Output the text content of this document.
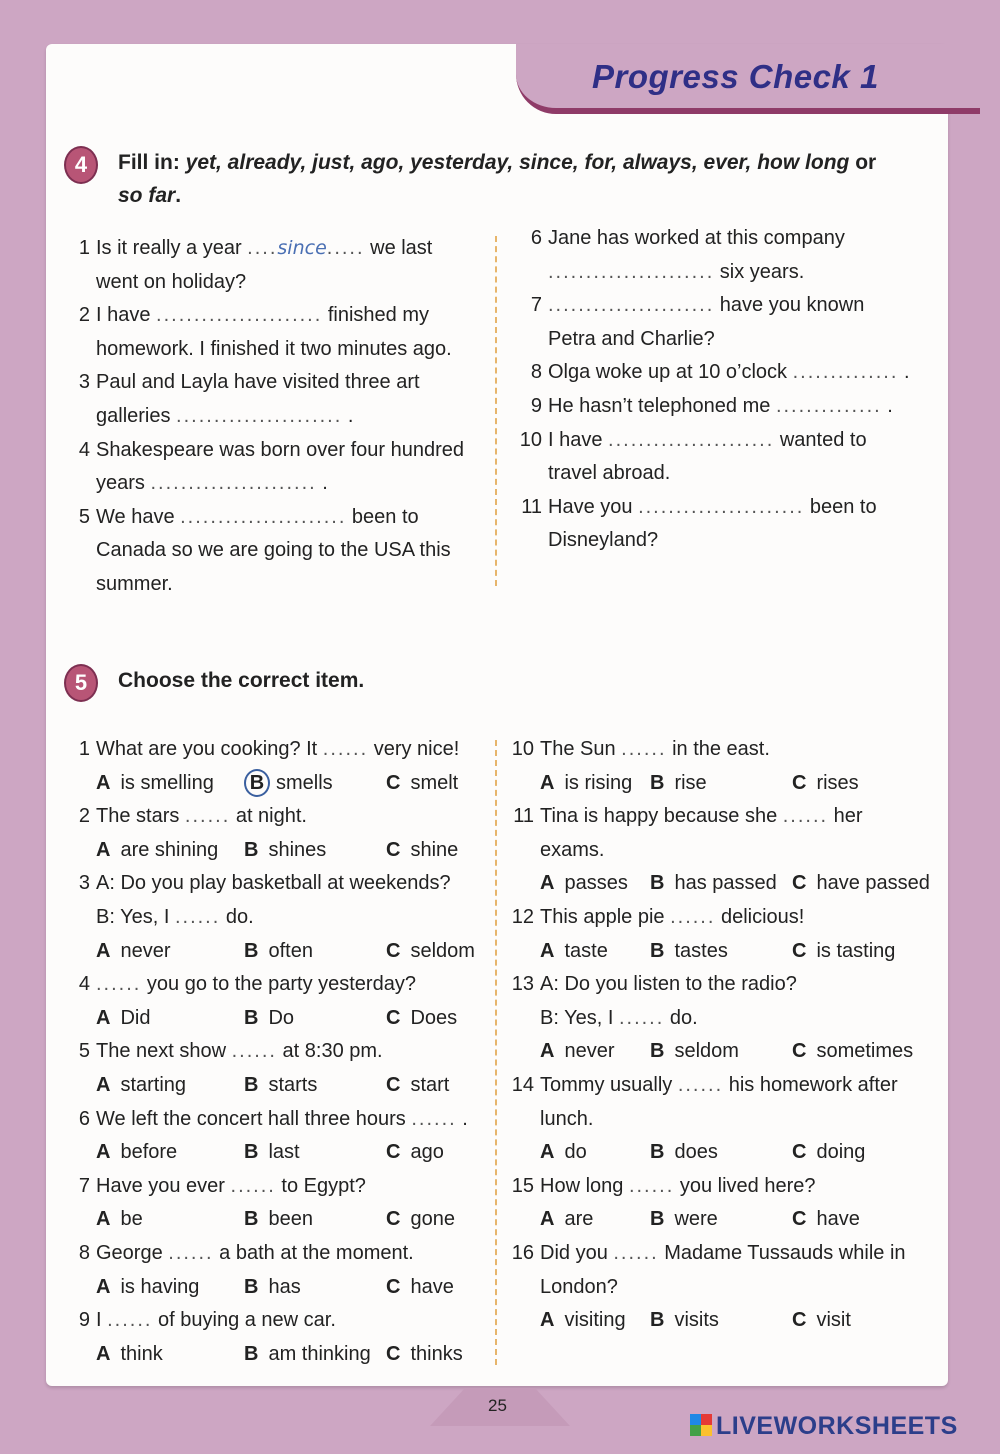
Progress Check 1
4	Fill in: yet, already, just, ago, yesterday, since, for, always, ever, how long or
so far.
1 Is it really a year ....since..... we last
went on holiday?
2 I have ...................... finished my
homework. I finished it two minutes ago.
3 Paul and Layla have visited three art
galleries ...................... .
4 Shakespeare was born over four hundred
years ...................... .
5 We have ...................... been to
Canada so we are going to the USA this
summer.
6 Jane has worked at this company
...................... six years.
7 ...................... have you known
Petra and Charlie?
8 Olga woke up at 10 o’clock .............. .
9 He hasn’t telephoned me .............. .
10 I have ...................... wanted to
travel abroad.
11 Have you ...................... been to
Disneyland?
5	Choose the correct item.
1 What are you cooking? It ...... very nice!
A is smelling B smells	C smelt
2 The stars ...... at night.
A are shining B shines	C shine
3 A: Do you play basketball at weekends?
B: Yes, I ...... do.
A never	B often	C seldom
4 ...... you go to the party yesterday?
A Did	B Do	C Does
5 The next show ...... at 8:30 pm.
A starting	B starts	C start
6 We left the concert hall three hours ...... .
A before	B last	C ago
7 Have you ever ...... to Egypt?
A be	B been	C gone
8 George ...... a bath at the moment.
A is having B has	C have
9 I ...... of buying a new car.
A think	B am thinking C thinks
10 The Sun ...... in the east.
A is rising B rise	C rises
11 Tina is happy because she ...... her
exams.
A passes B has passed C have passed
12 This apple pie ...... delicious!
A taste B tastes	C is tasting
13 A: Do you listen to the radio?
B: Yes, I ...... do.
A never B seldom	C sometimes
14 Tommy usually ...... his homework after
lunch.
A do	B does	C doing
15 How long ...... you lived here?
A are	B were	C have
16 Did you ...... Madame Tussauds while in
London?
A visiting B visits	C visit
25
LIVEWORKSHEETS
